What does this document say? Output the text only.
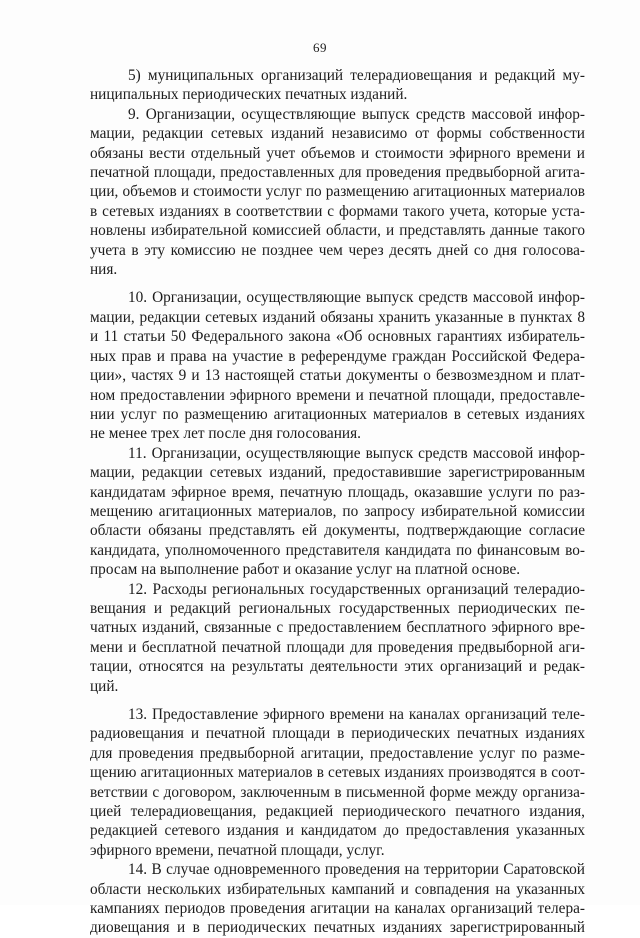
69

5) муниципальных организаций телерадиовещания и редакций муниципальных периодических печатных изданий.

9. Организации, осуществляющие выпуск средств массовой информации, редакции сетевых изданий независимо от формы собственности обязаны вести отдельный учет объемов и стоимости эфирного времени и печатной площади, предоставленных для проведения предвыборной агитации, объемов и стоимости услуг по размещению агитационных материалов в сетевых изданиях в соответствии с формами такого учета, которые установлены избирательной комиссией области, и представлять данные такого учета в эту комиссию не позднее чем через десять дней со дня голосования.

10. Организации, осуществляющие выпуск средств массовой информации, редакции сетевых изданий обязаны хранить указанные в пунктах 8 и 11 статьи 50 Федерального закона «Об основных гарантиях избирательных прав и права на участие в референдуме граждан Российской Федерации», частях 9 и 13 настоящей статьи документы о безвозмездном и платном предоставлении эфирного времени и печатной площади, предоставлении услуг по размещению агитационных материалов в сетевых изданиях не менее трех лет после дня голосования.

11. Организации, осуществляющие выпуск средств массовой информации, редакции сетевых изданий, предоставившие зарегистрированным кандидатам эфирное время, печатную площадь, оказавшие услуги по размещению агитационных материалов, по запросу избирательной комиссии области обязаны представлять ей документы, подтверждающие согласие кандидата, уполномоченного представителя кандидата по финансовым вопросам на выполнение работ и оказание услуг на платной основе.

12. Расходы региональных государственных организаций телерадиовещания и редакций региональных государственных периодических печатных изданий, связанные с предоставлением бесплатного эфирного времени и бесплатной печатной площади для проведения предвыборной агитации, относятся на результаты деятельности этих организаций и редакций.

13. Предоставление эфирного времени на каналах организаций телерадиовещания и печатной площади в периодических печатных изданиях для проведения предвыборной агитации, предоставление услуг по размещению агитационных материалов в сетевых изданиях производятся в соответствии с договором, заключенным в письменной форме между организацией телерадиовещания, редакцией периодического печатного издания, редакцией сетевого издания и кандидатом до предоставления указанных эфирного времени, печатной площади, услуг.

14. В случае одновременного проведения на территории Саратовской области нескольких избирательных кампаний и совпадения на указанных кампаниях периодов проведения агитации на каналах организаций телерадиовещания и в периодических печатных изданиях зарегистрированный
